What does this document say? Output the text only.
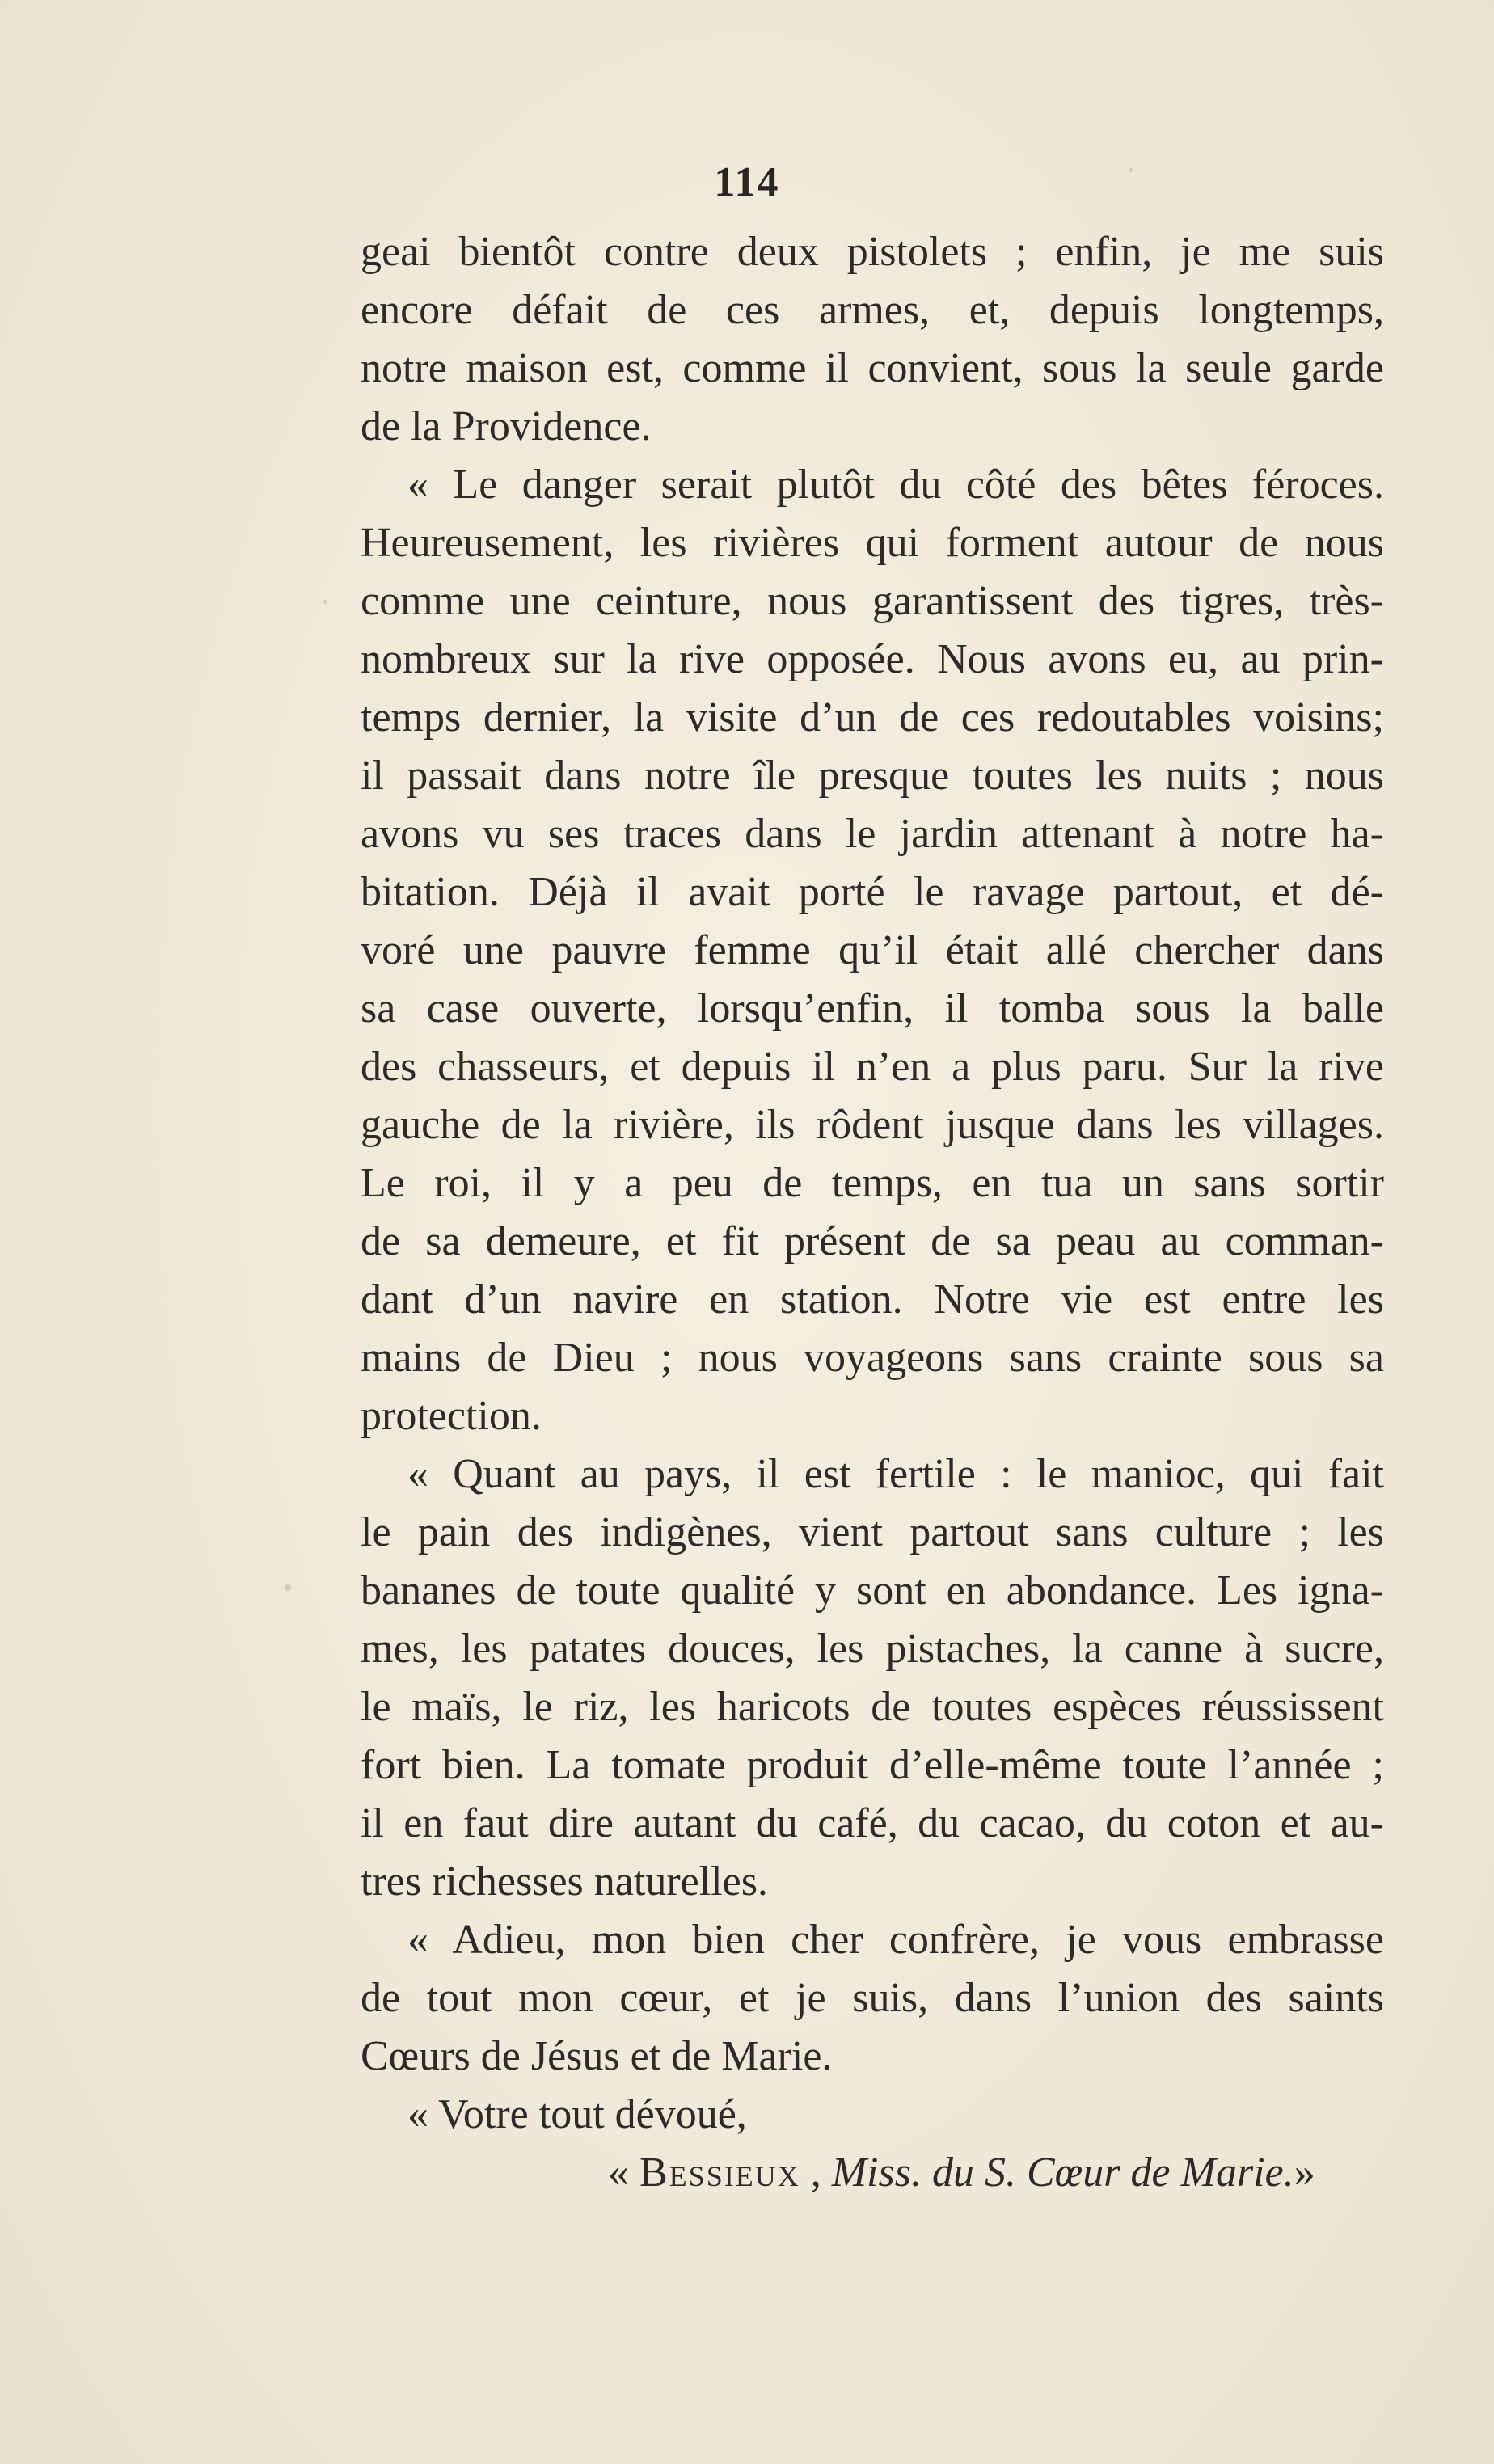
114
geai bientôt contre deux pistolets ; enfin, je me suis
encore défait de ces armes, et, depuis longtemps,
notre maison est, comme il convient, sous la seule garde
de la Providence.
« Le danger serait plutôt du côté des bêtes féroces.
Heureusement, les rivières qui forment autour de nous
comme une ceinture, nous garantissent des tigres, très-
nombreux sur la rive opposée. Nous avons eu, au prin-
temps dernier, la visite d’un de ces redoutables voisins;
il passait dans notre île presque toutes les nuits ; nous
avons vu ses traces dans le jardin attenant à notre ha-
bitation. Déjà il avait porté le ravage partout, et dé-
voré une pauvre femme qu’il était allé chercher dans
sa case ouverte, lorsqu’enfin, il tomba sous la balle
des chasseurs, et depuis il n’en a plus paru. Sur la rive
gauche de la rivière, ils rôdent jusque dans les villages.
Le roi, il y a peu de temps, en tua un sans sortir
de sa demeure, et fit présent de sa peau au comman-
dant d’un navire en station. Notre vie est entre les
mains de Dieu ; nous voyageons sans crainte sous sa
protection.
« Quant au pays, il est fertile : le manioc, qui fait
le pain des indigènes, vient partout sans culture ; les
bananes de toute qualité y sont en abondance. Les igna-
mes, les patates douces, les pistaches, la canne à sucre,
le maïs, le riz, les haricots de toutes espèces réussissent
fort bien. La tomate produit d’elle-même toute l’année ;
il en faut dire autant du café, du cacao, du coton et au-
tres richesses naturelles.
« Adieu, mon bien cher confrère, je vous embrasse
de tout mon cœur, et je suis, dans l’union des saints
Cœurs de Jésus et de Marie.
« Votre tout dévoué,
« Bessieux , Miss. du S. Cœur de Marie.»
